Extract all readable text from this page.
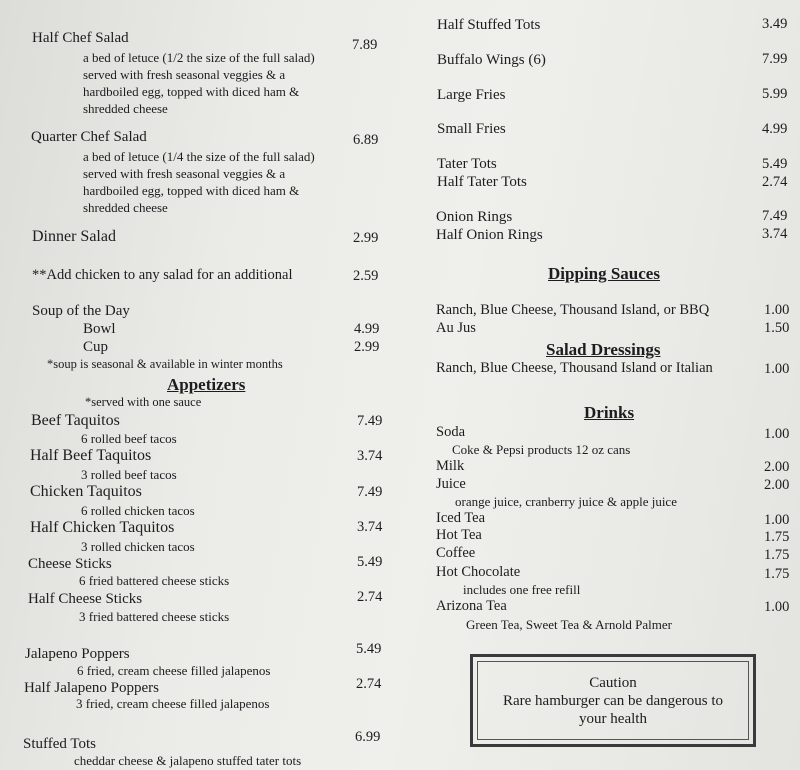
Half Chef Salad	7.89
a bed of letuce (1/2 the size of the full salad)
served with fresh seasonal veggies & a
hardboiled egg, topped with diced ham &
shredded cheese
Quarter Chef Salad	6.89
a bed of letuce (1/4 the size of the full salad)
served with fresh seasonal veggies & a
hardboiled egg, topped with diced ham &
shredded cheese
Dinner Salad	2.99
**Add chicken to any salad for an additional	2.59
Soup of the Day
Bowl	4.99
Cup	2.99
*soup is seasonal & available in winter months
Appetizers
*served with one sauce
Beef Taquitos	7.49
6 rolled beef tacos
Half Beef Taquitos	3.74
3 rolled beef tacos
Chicken Taquitos	7.49
6 rolled chicken tacos
Half Chicken Taquitos	3.74
3 rolled chicken tacos
Cheese Sticks	5.49
6 fried battered cheese sticks
Half Cheese Sticks	2.74
3 fried battered cheese sticks
Jalapeno Poppers	5.49
6 fried, cream cheese filled jalapenos
Half Jalapeno Poppers	2.74
3 fried, cream cheese filled jalapenos
Stuffed Tots	6.99
cheddar cheese & jalapeno stuffed tater tots
Half Stuffed Tots	3.49
Buffalo Wings (6)	7.99
Large Fries	5.99
Small Fries	4.99
Tater Tots	5.49
Half Tater Tots	2.74
Onion Rings	7.49
Half Onion Rings	3.74
Dipping Sauces
Ranch, Blue Cheese, Thousand Island, or BBQ	1.00
Au Jus	1.50
Salad Dressings
Ranch, Blue Cheese, Thousand Island or Italian	1.00
Drinks
Soda	1.00
Coke & Pepsi products 12 oz cans
Milk	2.00
Juice	2.00
orange juice, cranberry juice & apple juice
Iced Tea	1.00
Hot Tea	1.75
Coffee	1.75
Hot Chocolate	1.75
includes one free refill
Arizona Tea	1.00
Green Tea, Sweet Tea & Arnold Palmer
Caution
Rare hamburger can be dangerous to
your health
